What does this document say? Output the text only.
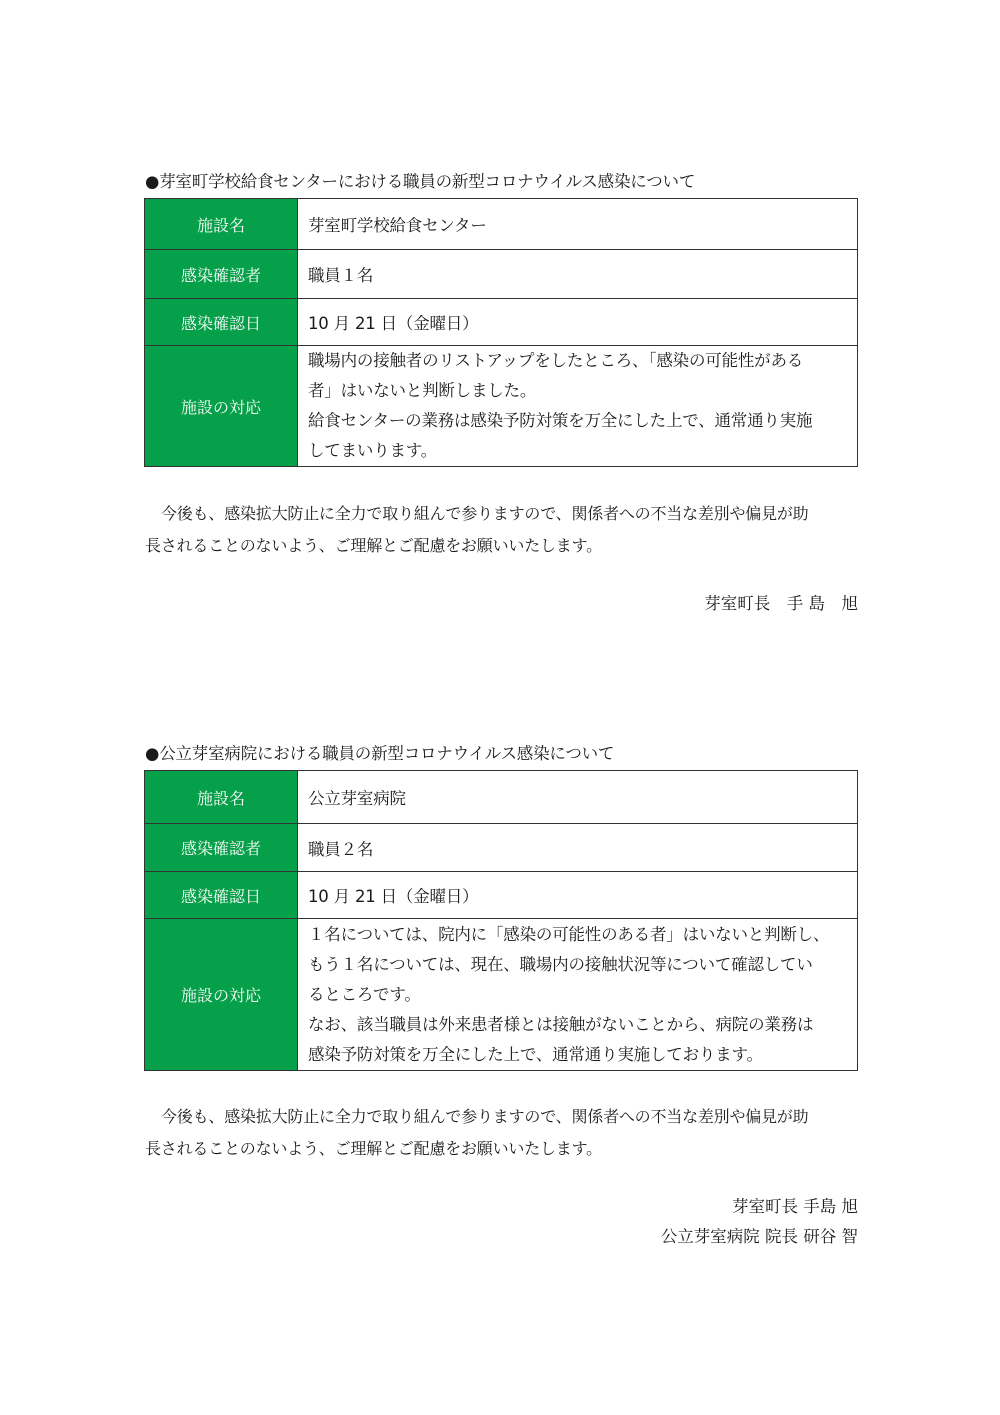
●芽室町学校給食センターにおける職員の新型コロナウイルス感染について
施設名	芽室町学校給食センター
感染確認者	職員１名
感染確認日	10 月 21 日（金曜日）
施設の対応	職場内の接触者のリストアップをしたところ、「感染の可能性がある
者」はいないと判断しました。
給食センターの業務は感染予防対策を万全にした上で、通常通り実施
してまいります。
今後も、感染拡大防止に全力で取り組んで参りますので、関係者への不当な差別や偏見が助
長されることのないよう、ご理解とご配慮をお願いいたします。
芽室町長　手 島　旭
●公立芽室病院における職員の新型コロナウイルス感染について
施設名	公立芽室病院
感染確認者	職員２名
感染確認日	10 月 21 日（金曜日）
施設の対応	１名については、院内に「感染の可能性のある者」はいないと判断し、
もう１名については、現在、職場内の接触状況等について確認してい
るところです。
なお、該当職員は外来患者様とは接触がないことから、病院の業務は
感染予防対策を万全にした上で、通常通り実施しております。
今後も、感染拡大防止に全力で取り組んで参りますので、関係者への不当な差別や偏見が助
長されることのないよう、ご理解とご配慮をお願いいたします。
芽室町長 手島 旭
公立芽室病院 院長 研谷 智
